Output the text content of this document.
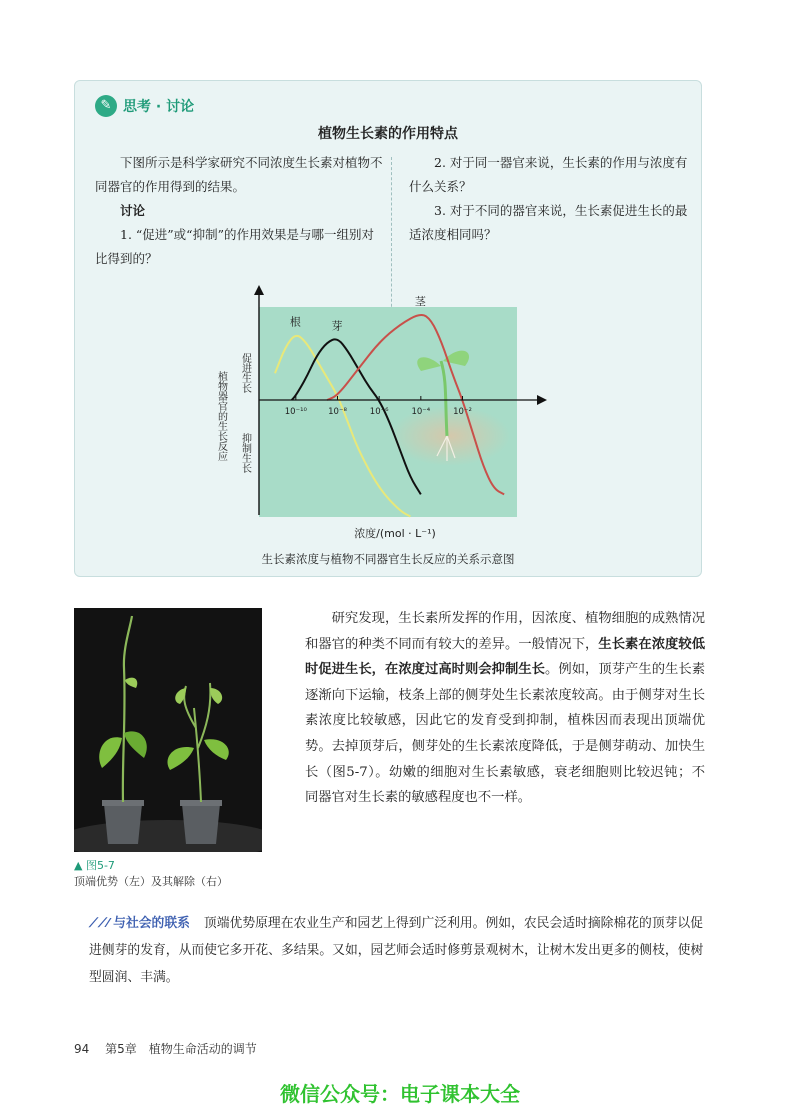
✎ 思考 · 讨论
植物生长素的作用特点

下图所示是科学家研究不同浓度生长素对植物不同器官的作用得到的结果。

讨论

1. “促进”或“抑制”的作用效果是与哪一组别对比得到的？

2. 对于同一器官来说，生长素的作用与浓度有什么关系？

3. 对于不同的器官来说，生长素促进生长的最适浓度相同吗？

根	芽
茎
10⁻¹⁰ 10⁻⁸	10⁻⁶	10⁻⁴	10⁻²
促进生长
抑制生长
植物器官的生长反应
浓度/(mol · L⁻¹)
生长素浓度与植物不同器官生长反应的关系示意图
▲ 图5-7顶端优势（左）及其解除（右）

研究发现，生长素所发挥的作用，因浓度、植物细胞的成熟情况和器官的种类不同而有较大的差异。一般情况下，生长素在浓度较低时促进生长，在浓度过高时则会抑制生长。例如，顶芽产生的生长素逐渐向下运输，枝条上部的侧芽处生长素浓度较高。由于侧芽对生长素浓度比较敏感，因此它的发育受到抑制，植株因而表现出顶端优势。去掉顶芽后，侧芽处的生长素浓度降低，于是侧芽萌动、加快生长（图5-7）。幼嫩的细胞对生长素敏感，衰老细胞则比较迟钝；不同器官对生长素的敏感程度也不一样。

⟋⟋⁄ 与社会的联系 顶端优势原理在农业生产和园艺上得到广泛利用。例如，农民会适时摘除棉花的顶芽以促进侧芽的发育，从而使它多开花、多结果。又如，园艺师会适时修剪景观树木，让树木发出更多的侧枝，使树型圆润、丰满。
94 第5章　植物生命活动的调节
微信公众号：电子课本大全
